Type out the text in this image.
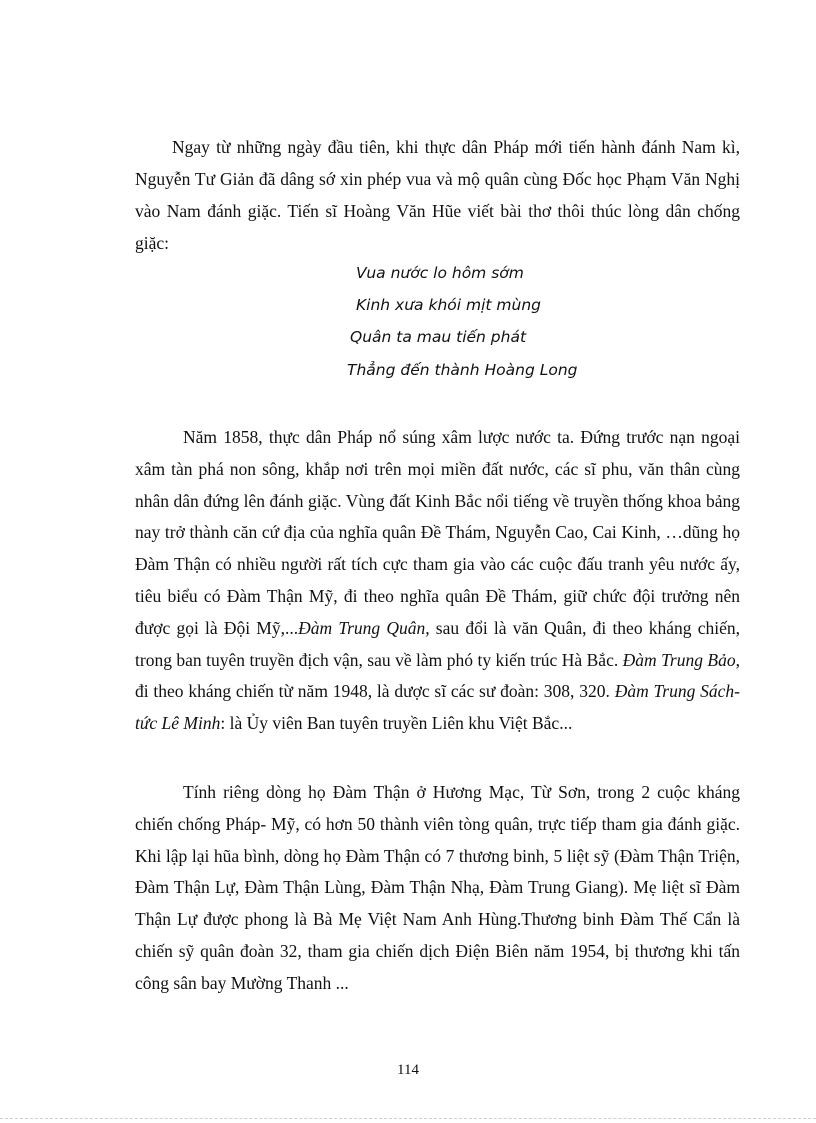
Ngay từ những ngày đầu tiên, khi thực dân Pháp mới tiến hành đánh Nam kì, Nguyễn Tư Giản đã dâng sớ xin phép vua và mộ quân cùng Đốc học Phạm Văn Nghị vào Nam đánh giặc. Tiến sĩ Hoàng Văn Hũe viết bài thơ thôi thúc lòng dân chống giặc:

Vua nước lo hôm sớm
Kinh xưa khói mịt mùng
Quân ta mau tiến phát
Thẳng đến thành Hoàng Long

Năm 1858, thực dân Pháp nổ súng xâm lược nước ta. Đứng trước nạn ngoại xâm tàn phá non sông, khắp nơi trên mọi miền đất nước, các sĩ phu, văn thân cùng nhân dân đứng lên đánh giặc. Vùng đất Kinh Bắc nổi tiếng về truyền thống khoa bảng nay trở thành căn cứ địa của nghĩa quân Đề Thám, Nguyễn Cao, Cai Kinh, …dũng họ Đàm Thận có nhiều người rất tích cực tham gia vào các cuộc đấu tranh yêu nước ấy, tiêu biểu có Đàm Thận Mỹ, đi theo nghĩa quân Đề Thám, giữ chức đội trưởng nên được gọi là Đội Mỹ,...Đàm Trung Quân, sau đổi là văn Quân, đi theo kháng chiến, trong ban tuyên truyền địch vận, sau về làm phó ty kiến trúc Hà Bắc. Đàm Trung Bảo, đi theo kháng chiến từ năm 1948, là dược sĩ các sư đoàn: 308, 320. Đàm Trung Sách- tức Lê Minh: là Ủy viên Ban tuyên truyền Liên khu Việt Bắc...

Tính riêng dòng họ Đàm Thận ở Hương Mạc, Từ Sơn, trong 2 cuộc kháng chiến chống Pháp- Mỹ, có hơn 50 thành viên tòng quân, trực tiếp tham gia đánh giặc. Khi lập lại hũa bình, dòng họ Đàm Thận có 7 thương binh, 5 liệt sỹ (Đàm Thận Triện, Đàm Thận Lự, Đàm Thận Lùng, Đàm Thận Nhạ, Đàm Trung Giang). Mẹ liệt sĩ Đàm Thận Lự được phong là Bà Mẹ Việt Nam Anh Hùng.Thương binh Đàm Thế Cẩn là chiến sỹ quân đoàn 32, tham gia chiến dịch Điện Biên năm 1954, bị thương khi tấn công sân bay Mường Thanh ...

114
